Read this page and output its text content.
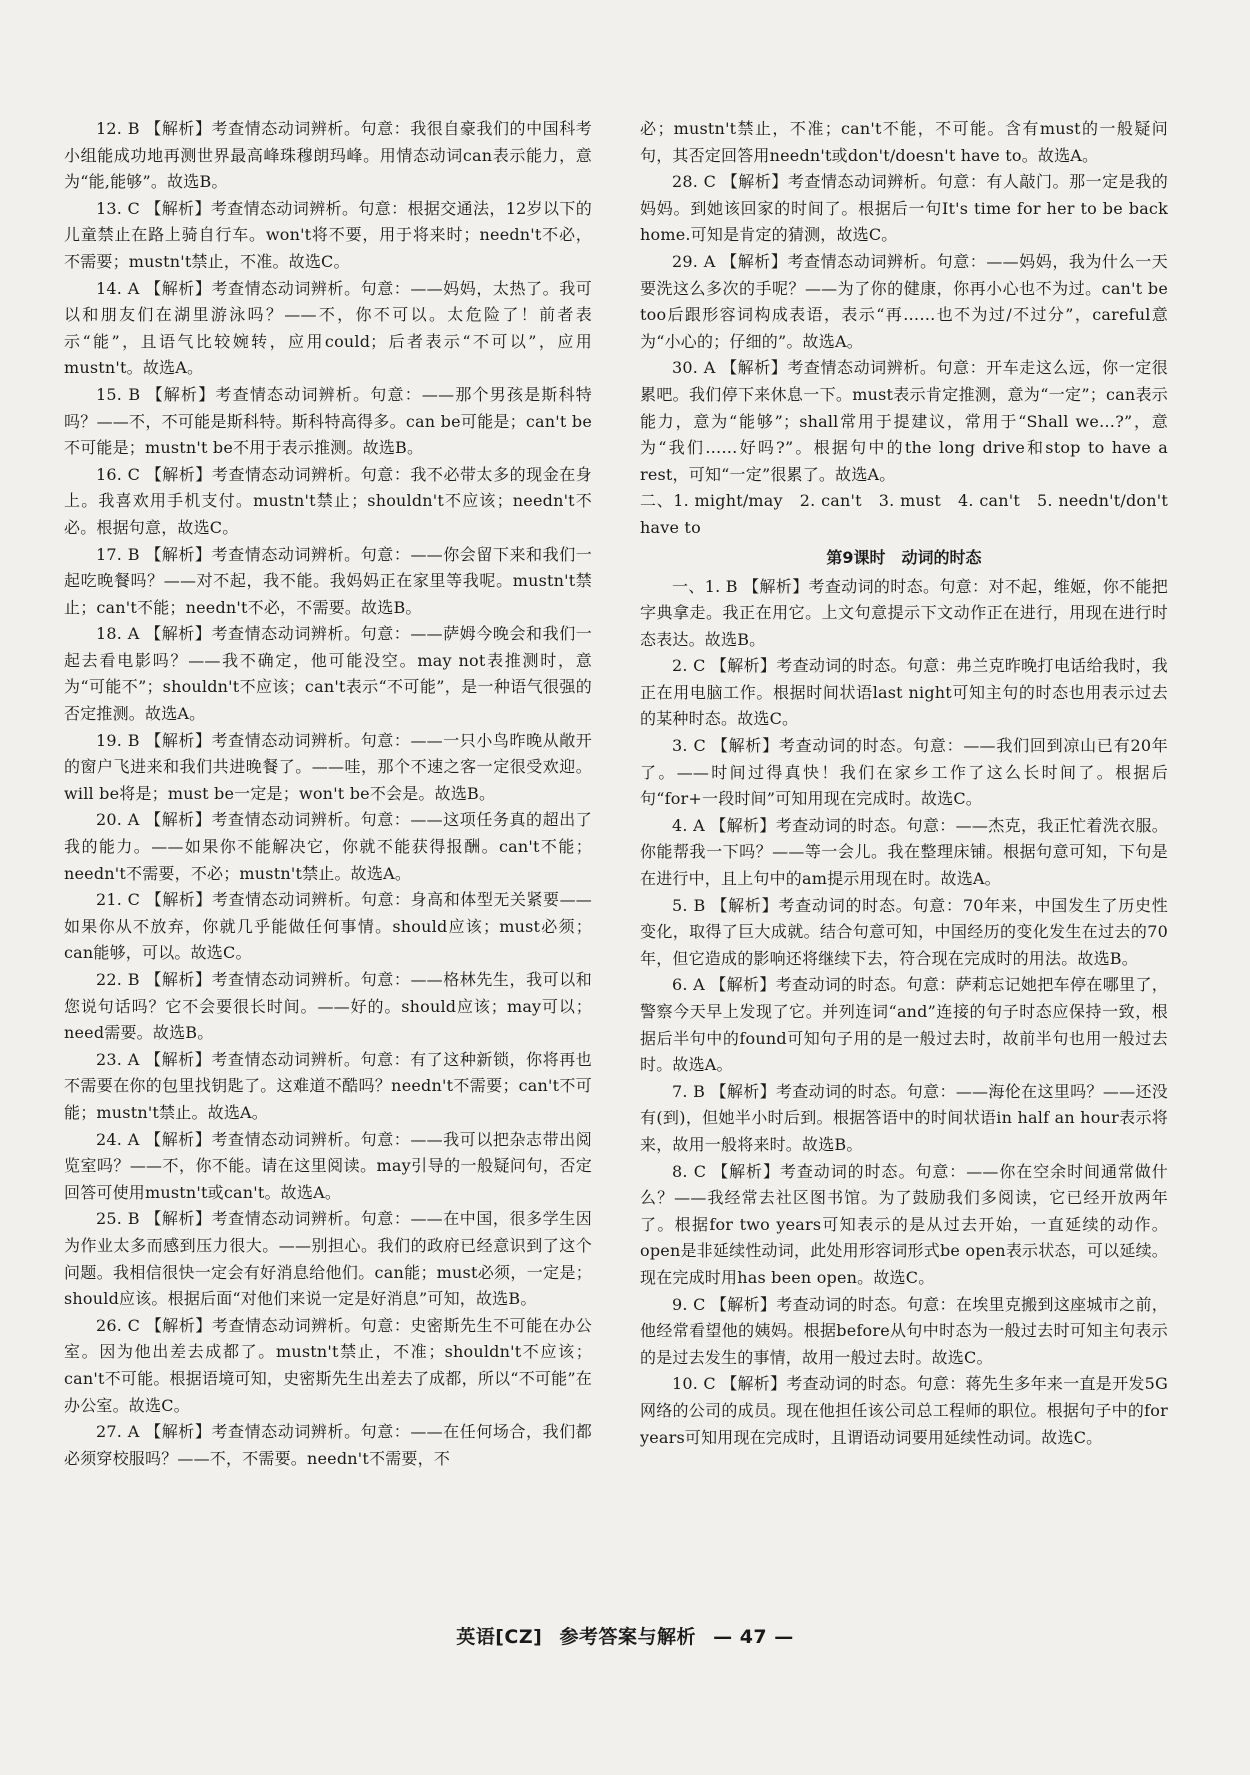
12. B 【解析】考查情态动词辨析。句意：我很自豪我们的中国科考小组能成功地再测世界最高峰珠穆朗玛峰。用情态动词can表示能力，意为“能,能够”。故选B。

13. C 【解析】考查情态动词辨析。句意：根据交通法，12岁以下的儿童禁止在路上骑自行车。won't将不要，用于将来时；needn't不必，不需要；mustn't禁止，不准。故选C。

14. A 【解析】考查情态动词辨析。句意：——妈妈，太热了。我可以和朋友们在湖里游泳吗？——不，你不可以。太危险了！前者表示“能”，且语气比较婉转，应用could；后者表示“不可以”，应用mustn't。故选A。

15. B 【解析】考查情态动词辨析。句意：——那个男孩是斯科特吗？——不，不可能是斯科特。斯科特高得多。can be可能是；can't be不可能是；mustn't be不用于表示推测。故选B。

16. C 【解析】考查情态动词辨析。句意：我不必带太多的现金在身上。我喜欢用手机支付。mustn't禁止；shouldn't不应该；needn't不必。根据句意，故选C。

17. B 【解析】考查情态动词辨析。句意：——你会留下来和我们一起吃晚餐吗？——对不起，我不能。我妈妈正在家里等我呢。mustn't禁止；can't不能；needn't不必，不需要。故选B。

18. A 【解析】考查情态动词辨析。句意：——萨姆今晚会和我们一起去看电影吗？——我不确定，他可能没空。may not表推测时，意为“可能不”；shouldn't不应该；can't表示“不可能”，是一种语气很强的否定推测。故选A。

19. B 【解析】考查情态动词辨析。句意：——一只小鸟昨晚从敞开的窗户飞进来和我们共进晚餐了。——哇，那个不速之客一定很受欢迎。will be将是；must be一定是；won't be不会是。故选B。

20. A 【解析】考查情态动词辨析。句意：——这项任务真的超出了我的能力。——如果你不能解决它，你就不能获得报酬。can't不能；needn't不需要，不必；mustn't禁止。故选A。

21. C 【解析】考查情态动词辨析。句意：身高和体型无关紧要——如果你从不放弃，你就几乎能做任何事情。should应该；must必须；can能够，可以。故选C。

22. B 【解析】考查情态动词辨析。句意：——格林先生，我可以和您说句话吗？它不会要很长时间。——好的。should应该；may可以；need需要。故选B。

23. A 【解析】考查情态动词辨析。句意：有了这种新锁，你将再也不需要在你的包里找钥匙了。这难道不酷吗？needn't不需要；can't不可能；mustn't禁止。故选A。

24. A 【解析】考查情态动词辨析。句意：——我可以把杂志带出阅览室吗？——不，你不能。请在这里阅读。may引导的一般疑问句，否定回答可使用mustn't或can't。故选A。

25. B 【解析】考查情态动词辨析。句意：——在中国，很多学生因为作业太多而感到压力很大。——别担心。我们的政府已经意识到了这个问题。我相信很快一定会有好消息给他们。can能；must必须，一定是；should应该。根据后面“对他们来说一定是好消息”可知，故选B。

26. C 【解析】考查情态动词辨析。句意：史密斯先生不可能在办公室。因为他出差去成都了。mustn't禁止，不准；shouldn't不应该；can't不可能。根据语境可知，史密斯先生出差去了成都，所以“不可能”在办公室。故选C。

27. A 【解析】考查情态动词辨析。句意：——在任何场合，我们都必须穿校服吗？——不，不需要。needn't不需要，不

必；mustn't禁止，不准；can't不能，不可能。含有must的一般疑问句，其否定回答用needn't或don't/doesn't have to。故选A。

28. C 【解析】考查情态动词辨析。句意：有人敲门。那一定是我的妈妈。到她该回家的时间了。根据后一句It's time for her to be back home.可知是肯定的猜测，故选C。

29. A 【解析】考查情态动词辨析。句意：——妈妈，我为什么一天要洗这么多次的手呢？——为了你的健康，你再小心也不为过。can't be too后跟形容词构成表语，表示“再……也不为过/不过分”，careful意为“小心的；仔细的”。故选A。

30. A 【解析】考查情态动词辨析。句意：开车走这么远，你一定很累吧。我们停下来休息一下。must表示肯定推测，意为“一定”；can表示能力，意为“能够”；shall常用于提建议，常用于“Shall we…?”，意为“我们……好吗?”。根据句中的the long drive和stop to have a rest，可知“一定”很累了。故选A。

二、1. might/may　2. can't　3. must　4. can't　5. needn't/don't have to

第9课时　动词的时态

一、1. B 【解析】考查动词的时态。句意：对不起，维姬，你不能把字典拿走。我正在用它。上文句意提示下文动作正在进行，用现在进行时态表达。故选B。

2. C 【解析】考查动词的时态。句意：弗兰克昨晚打电话给我时，我正在用电脑工作。根据时间状语last night可知主句的时态也用表示过去的某种时态。故选C。

3. C 【解析】考查动词的时态。句意：——我们回到凉山已有20年了。——时间过得真快！我们在家乡工作了这么长时间了。根据后句“for+一段时间”可知用现在完成时。故选C。

4. A 【解析】考查动词的时态。句意：——杰克，我正忙着洗衣服。你能帮我一下吗？——等一会儿。我在整理床铺。根据句意可知，下句是在进行中，且上句中的am提示用现在时。故选A。

5. B 【解析】考查动词的时态。句意：70年来，中国发生了历史性变化，取得了巨大成就。结合句意可知，中国经历的变化发生在过去的70年，但它造成的影响还将继续下去，符合现在完成时的用法。故选B。

6. A 【解析】考查动词的时态。句意：萨莉忘记她把车停在哪里了，警察今天早上发现了它。并列连词“and”连接的句子时态应保持一致，根据后半句中的found可知句子用的是一般过去时，故前半句也用一般过去时。故选A。

7. B 【解析】考查动词的时态。句意：——海伦在这里吗？——还没有(到)，但她半小时后到。根据答语中的时间状语in half an hour表示将来，故用一般将来时。故选B。

8. C 【解析】考查动词的时态。句意：——你在空余时间通常做什么？——我经常去社区图书馆。为了鼓励我们多阅读，它已经开放两年了。根据for two years可知表示的是从过去开始，一直延续的动作。open是非延续性动词，此处用形容词形式be open表示状态，可以延续。现在完成时用has been open。故选C。

9. C 【解析】考查动词的时态。句意：在埃里克搬到这座城市之前，他经常看望他的姨妈。根据before从句中时态为一般过去时可知主句表示的是过去发生的事情，故用一般过去时。故选C。

10. C 【解析】考查动词的时态。句意：蒋先生多年来一直是开发5G网络的公司的成员。现在他担任该公司总工程师的职位。根据句子中的for years可知用现在完成时，且谓语动词要用延续性动词。故选C。

英语[CZ] 参考答案与解析 — 47 —
